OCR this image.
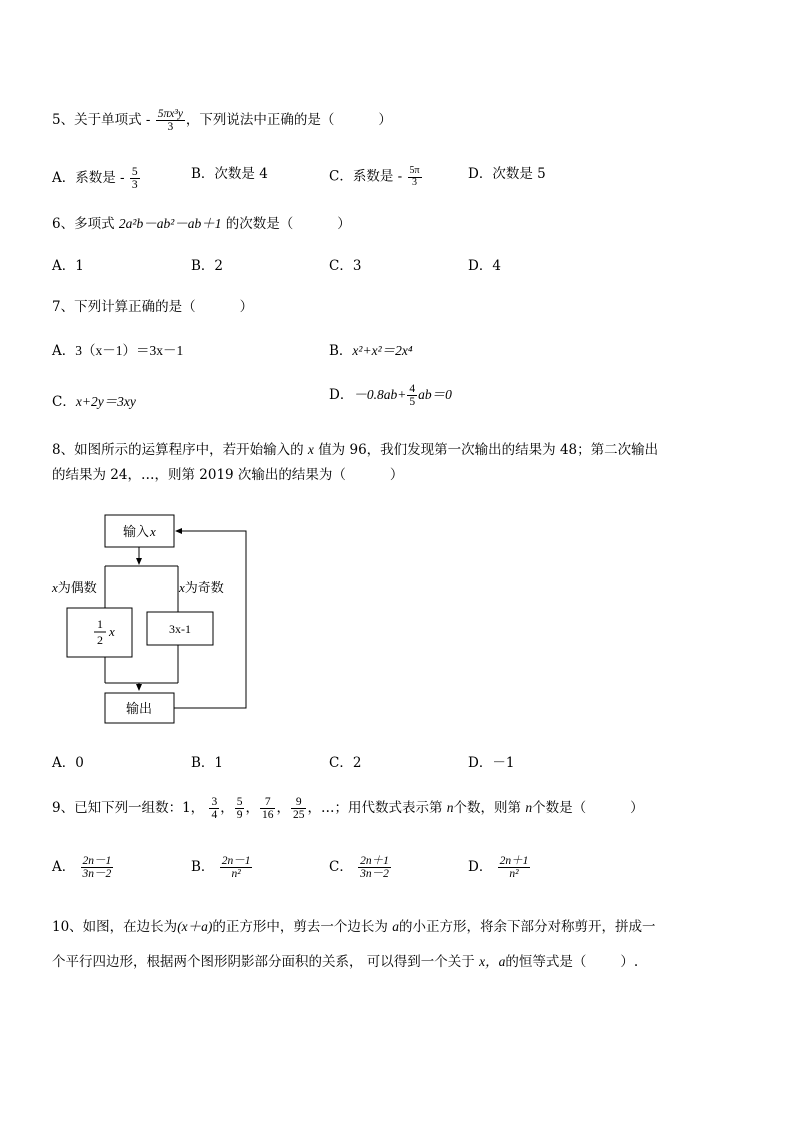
5、关于单项式 - $\frac{\text{5πx³y}}{3}$ ，下列说法中正确的是（	）
A．系数是 - $\frac{5}{3}$	B．次数是 4	C．系数是 - $\frac{5\pi}{3}$	D．次数是 5
6、多项式 2a²b－ab²－ab＋1 的次数是（	）
A．1	B．2	C．3	D．4
7、下列计算正确的是（	）
A．3（x－1）＝3x－1	B．x²+x²＝2x⁴
C．x+2y＝3xy	D．$-0.8ab+ \frac{4}{5} ab=0$
8、如图所示的运算程序中，若开始输入的 x 值为 96，我们发现第一次输出的结果为 48；第二次输出
的结果为 24，…，则第 2019 次输出的结果为（	）
输入x
x为偶数	x为奇数
1
2
x	3x-1
输出
A．0	B．1	C．2	D．－1
9、已知下列一组数：1， $\frac{3}{4}$ ， $\frac{5}{9}$ ， $\frac{7}{16}$ ， $\frac{9}{25}$ ，…；用代数式表示第 n个数，则第 n个数是（	）
A． $\frac{2n-1}{3n-2}$	B． $\frac{2n-1}{\text{n²}}$	C． $\frac{2n+1}{3n-2}$	D． $\frac{2n+1}{\text{n²}}$
10、如图，在边长为(x＋a)的正方形中，剪去一个边长为 a的小正方形，将余下部分对称剪开，拼成一
个平行四边形，根据两个图形阴影部分面积的关系， 可以得到一个关于 x，a的恒等式是（	）.
